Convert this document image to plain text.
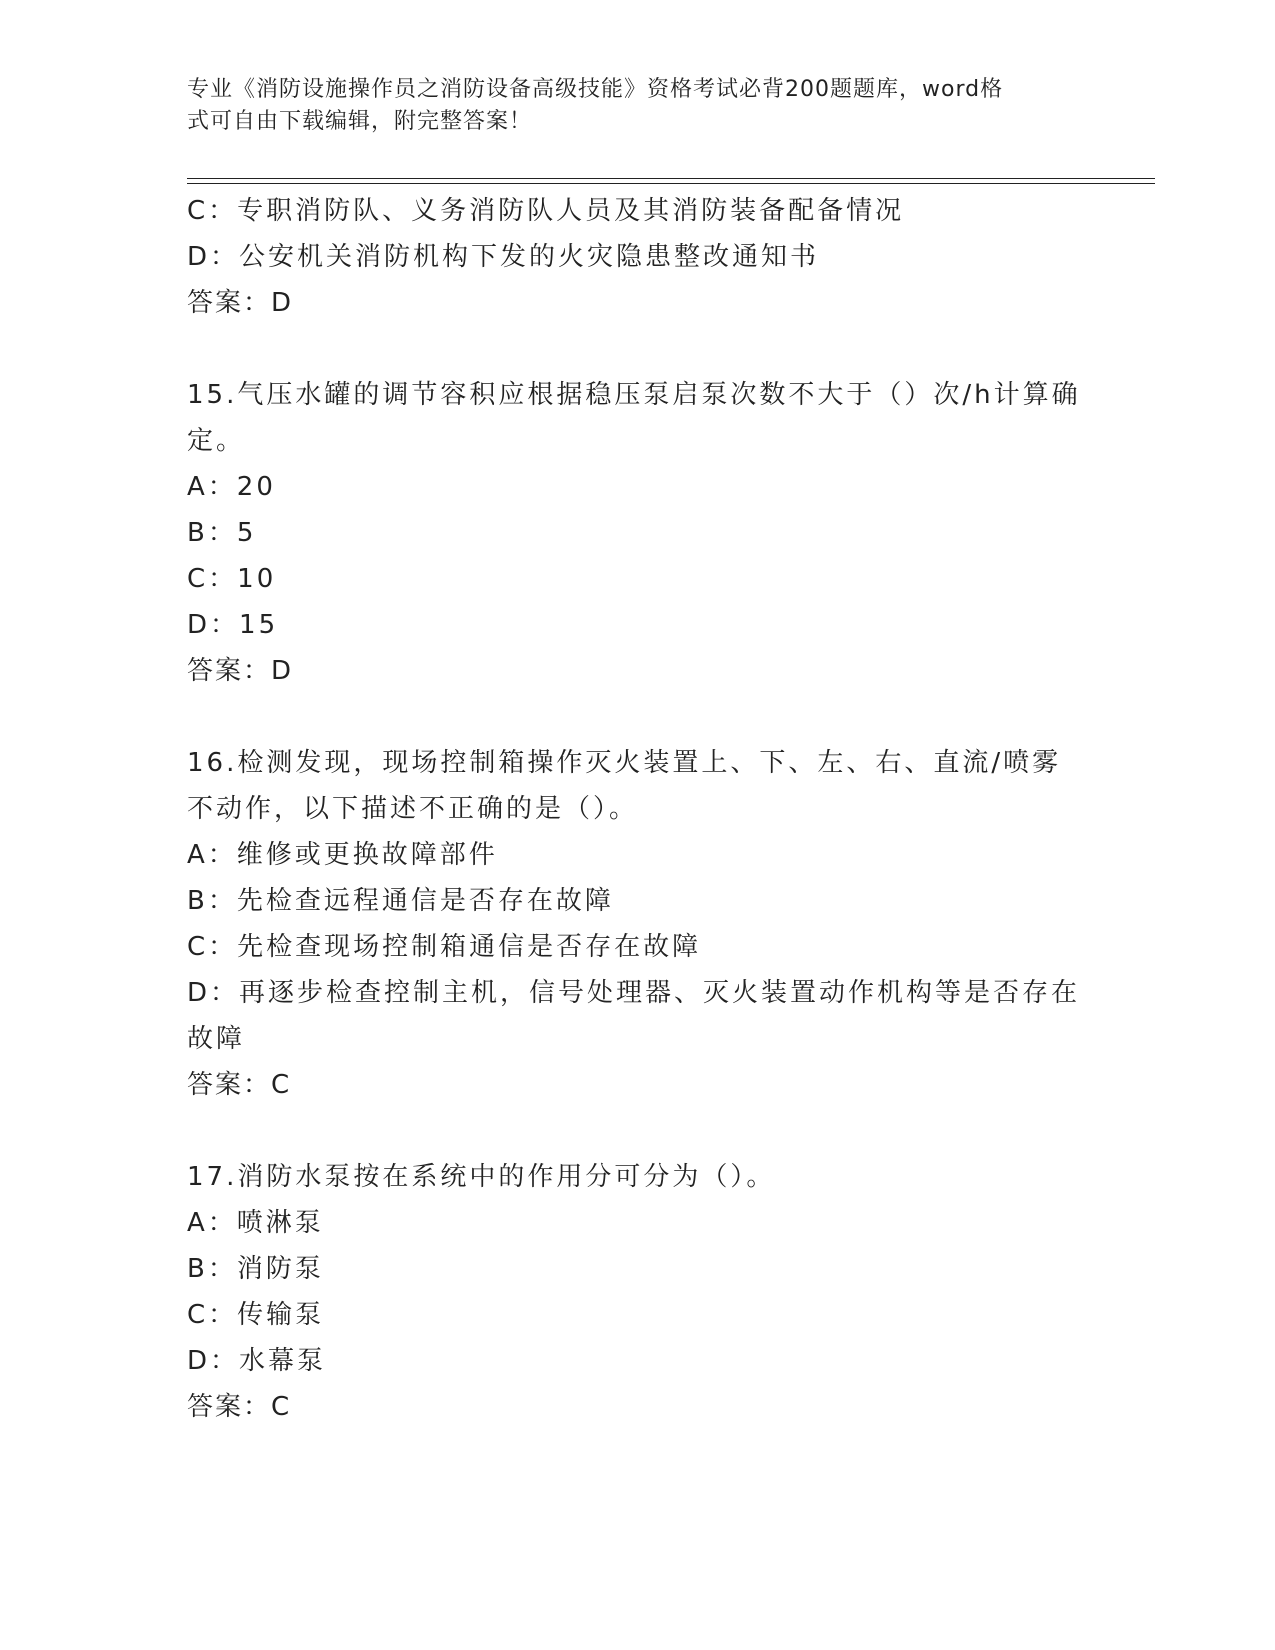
专业《消防设施操作员之消防设备高级技能》资格考试必背200题题库，word格
式可自由下载编辑，附完整答案！
C：专职消防队、义务消防队人员及其消防装备配备情况
D：公安机关消防机构下发的火灾隐患整改通知书
答案：D
15.气压水罐的调节容积应根据稳压泵启泵次数不大于（）次/h计算确
定。
A：20
B：5
C：10
D：15
答案：D
16.检测发现，现场控制箱操作灭火装置上、下、左、右、直流/喷雾
不动作，以下描述不正确的是（）。
A：维修或更换故障部件
B：先检查远程通信是否存在故障
C：先检查现场控制箱通信是否存在故障
D：再逐步检查控制主机，信号处理器、灭火装置动作机构等是否存在
故障
答案：C
17.消防水泵按在系统中的作用分可分为（）。
A：喷淋泵
B：消防泵
C：传输泵
D：水幕泵
答案：C
